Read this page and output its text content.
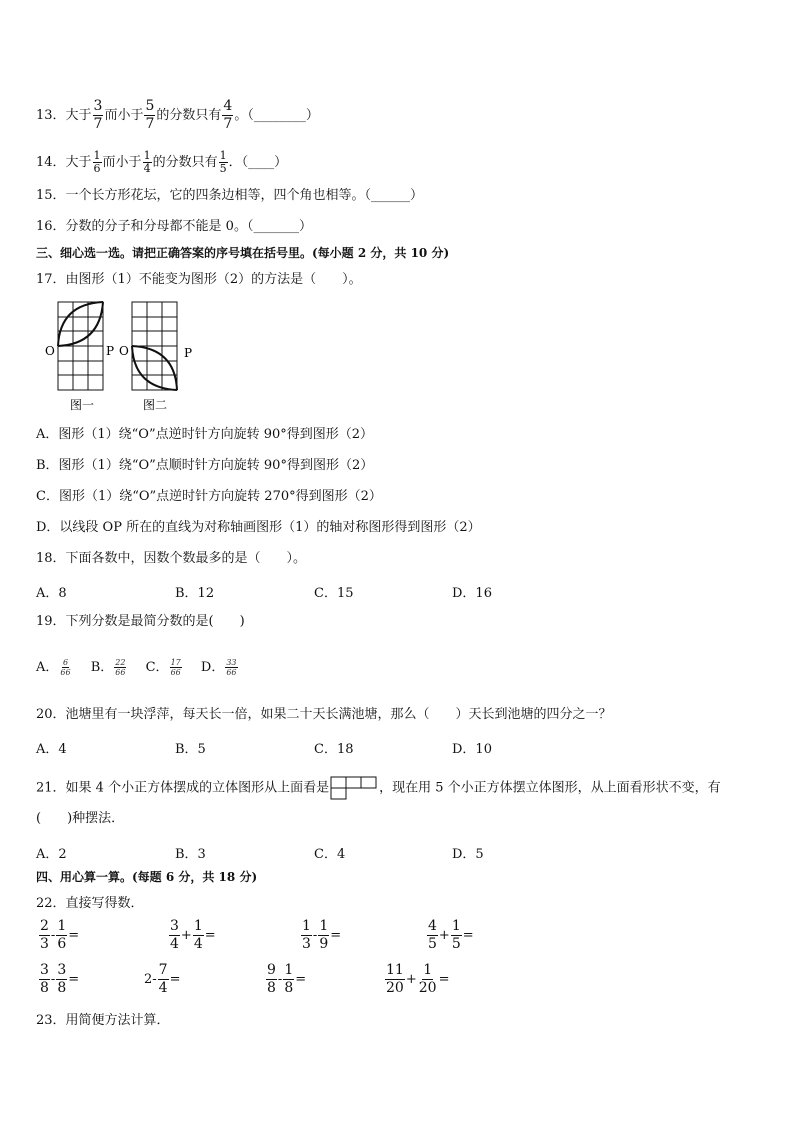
13．大于 $\frac{3}{7}$ 而小于 $\frac{5}{7}$ 的分数只有 $\frac{4}{7}$ 。（________）
14．大于 $\frac{1}{6}$ 而小于 $\frac{1}{4}$ 的分数只有 $\frac{1}{5}$ ．（____）
15．一个长方形花坛，它的四条边相等，四个角也相等。（______）
16．分数的分子和分母都不能是 0。（_______）
三、细心选一选。请把正确答案的序号填在括号里。(每小题 2 分，共 10 分)
17．由图形（1）不能变为图形（2）的方法是（　　）。
O	P O	P
图一	图二
A．图形（1）绕“O”点逆时针方向旋转 90°得到图形（2）
B．图形（1）绕“O”点顺时针方向旋转 90°得到图形（2）
C．图形（1）绕“O”点逆时针方向旋转 270°得到图形（2）
D．以线段 OP 所在的直线为对称轴画图形（1）的轴对称图形得到图形（2）
18．下面各数中，因数个数最多的是（　　）。
A．8	B．12	C．15	D．16
19．下列分数是最简分数的是(　　)
A． $\frac{6}{66}$ B． $\frac{22}{66}$ C． $\frac{17}{66}$ D． $\frac{33}{66}$
20．池塘里有一块浮萍，每天长一倍，如果二十天长满池塘，那么（　　）天长到池塘的四分之一？
A．4	B．5	C．18	D．10
21．如果 4 个小正方体摆成的立体图形从上面看是	，现在用 5 个小正方体摆立体图形，从上面看形状不变，有
(　　)种摆法．
A．2	B．3	C．4	D．5
四、用心算一算。(每题 6 分，共 18 分)
22．直接写得数．
$\frac{2}{3} - \frac{1}{6}$ =	$\frac{3}{4} + \frac{1}{4}$ =	$\frac{1}{3} - \frac{1}{9}$ =	$\frac{4}{5} + \frac{1}{5}$ =
$\frac{3}{8} - \frac{3}{8}$ =	$2- \frac{7}{4}$ =	$\frac{9}{8} - \frac{1}{8}$ =	$\frac{11}{20} + \frac{1}{20}$ =
23．用简便方法计算．
